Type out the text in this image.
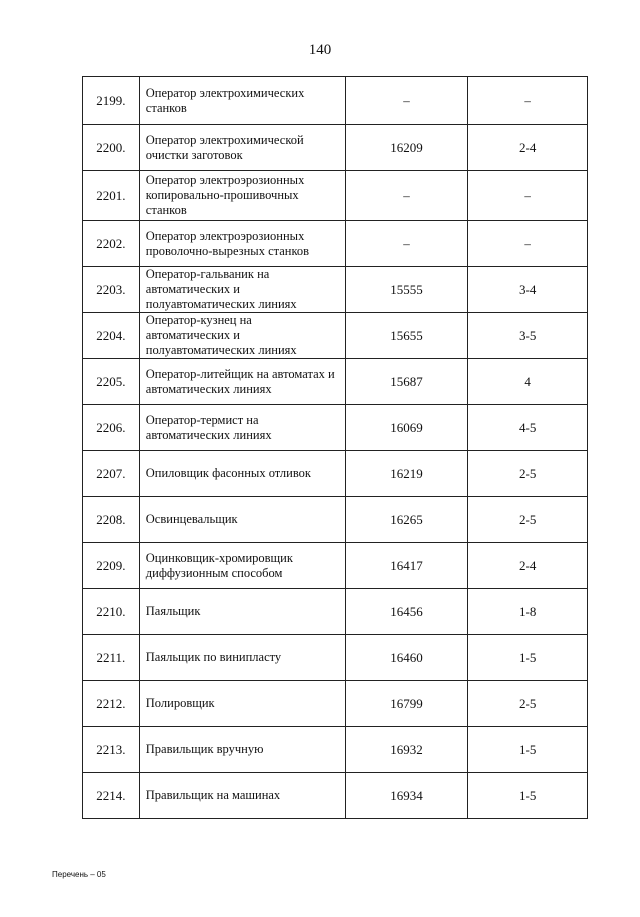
140
2199.	Оператор электрохимических станков	–	–
2200.	Оператор электрохимической очистки заготовок	16209	2-4
2201.	Оператор электроэрозионных копировально-прошивочных станков	–	–
2202.	Оператор электроэрозионных проволочно-вырезных станков	–	–
2203.	Оператор-гальваник на автоматических и полуавтоматических линиях	15555	3-4
2204.	Оператор-кузнец на автоматических и полуавтоматических линиях	15655	3-5
2205.	Оператор-литейщик на автоматах и автоматических линиях	15687	4
2206.	Оператор-термист на автоматических линиях	16069	4-5
2207.	Опиловщик фасонных отливок	16219	2-5
2208.	Освинцевальщик	16265	2-5
2209.	Оцинковщик-хромировщик диффузионным способом	16417	2-4
2210.	Паяльщик	16456	1-8
2211.	Паяльщик по винипласту	16460	1-5
2212.	Полировщик	16799	2-5
2213.	Правильщик вручную	16932	1-5
2214.	Правильщик на машинах	16934	1-5
Перечень – 05
